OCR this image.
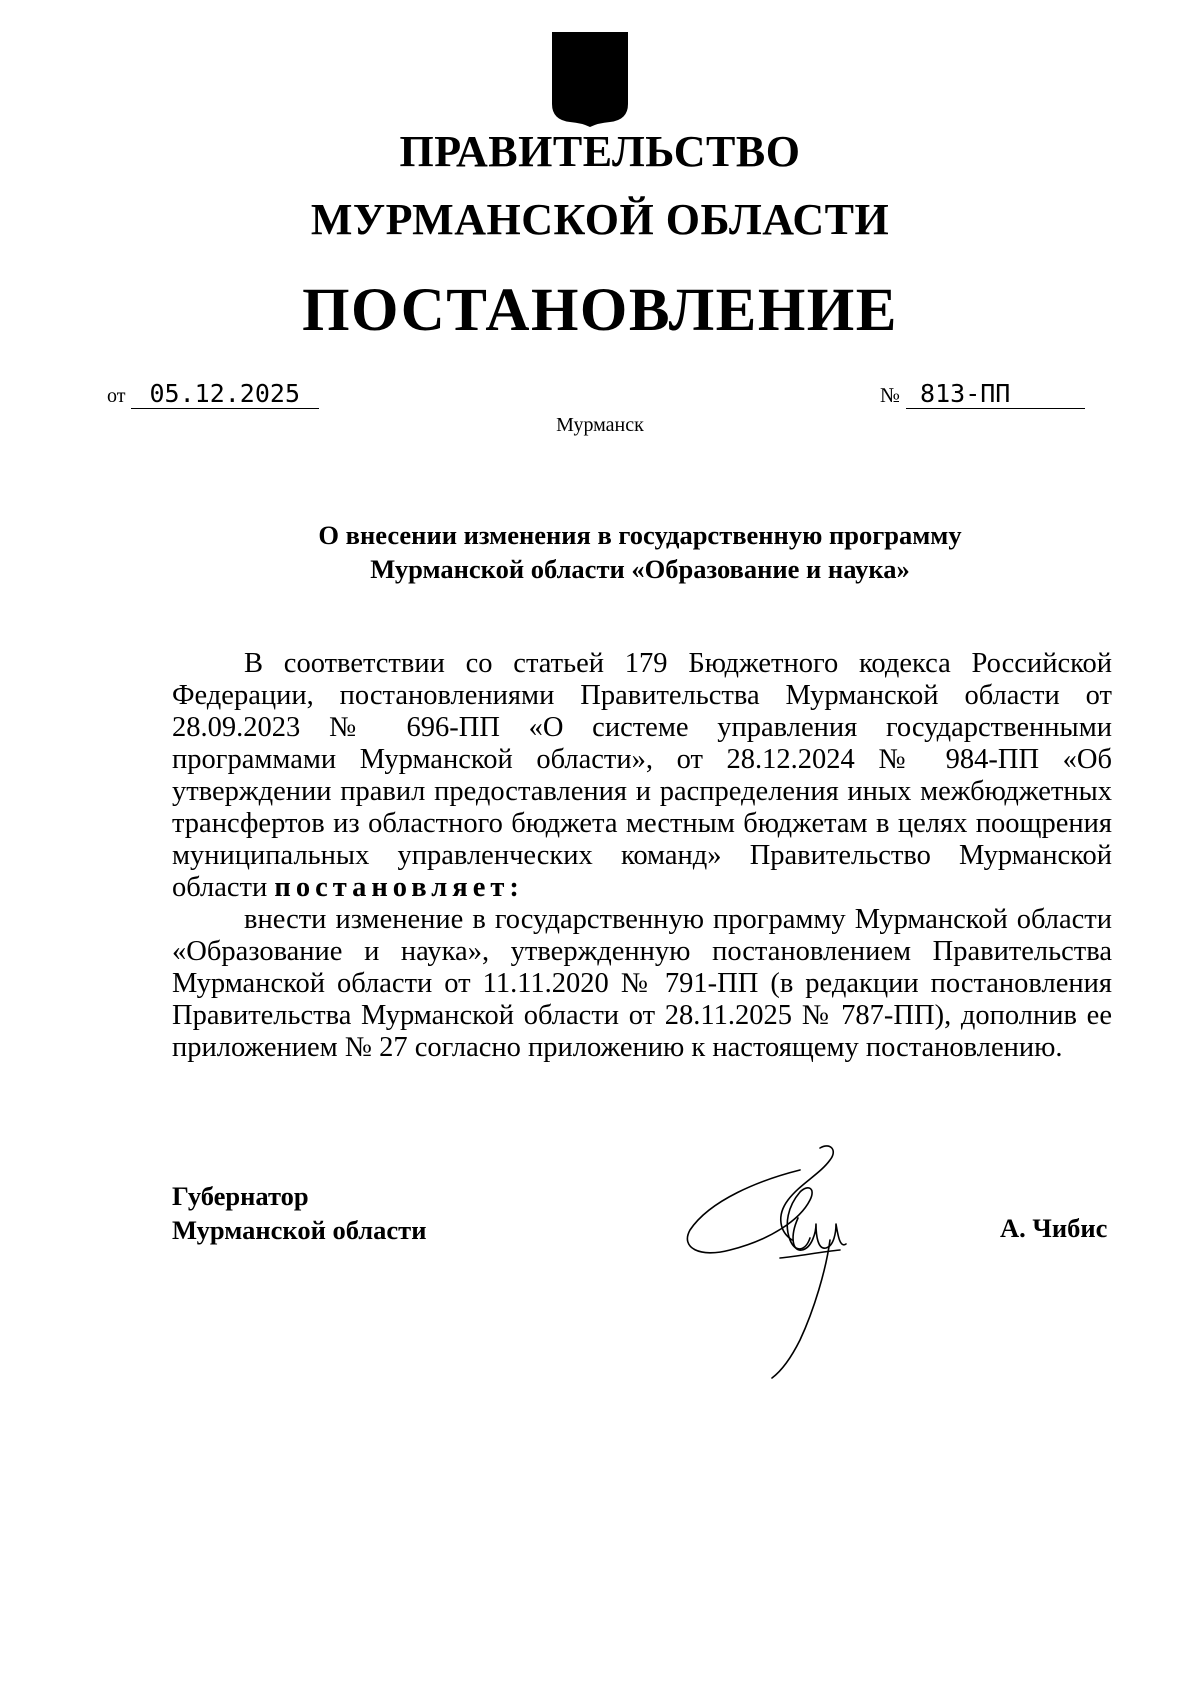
ПРАВИТЕЛЬСТВО
МУРМАНСКОЙ ОБЛАСТИ
ПОСТАНОВЛЕНИЕ
от 05.12.2025	№ 813-ПП
Мурманск
О внесении изменения в государственную программу
Мурманской области «Образование и наука»

В соответствии со статьей 179 Бюджетного кодекса Российской Федерации, постановлениями Правительства Мурманской области от 28.09.2023 № 696-ПП «О системе управления государственными программами Мурманской области», от 28.12.2024 № 984-ПП «Об утверждении правил предоставления и распределения иных межбюджетных трансфертов из областного бюджета местным бюджетам в целях поощрения муниципальных управленческих команд» Правительство Мурманской области постановляет:

внести изменение в государственную программу Мурманской области «Образование и наука», утвержденную постановлением Правительства Мурманской области от 11.11.2020 № 791-ПП (в редакции постановления Правительства Мурманской области от 28.11.2025 № 787-ПП), дополнив ее приложением № 27 согласно приложению к настоящему постановлению.

Губернатор
Мурманской области	А. Чибис
